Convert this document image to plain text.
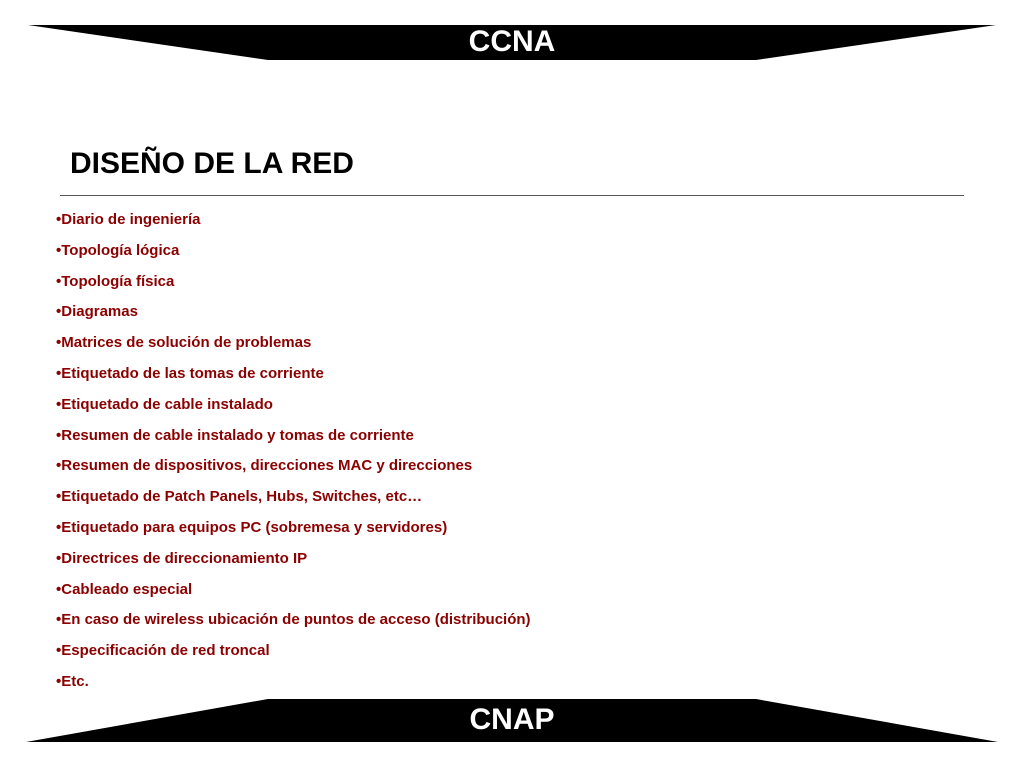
CCNA
DISEÑO DE LA RED
•Diario de ingeniería
•Topología lógica
•Topología física
•Diagramas
•Matrices de solución de problemas
•Etiquetado de las tomas de corriente
•Etiquetado de cable instalado
•Resumen de cable instalado y tomas de corriente
•Resumen de dispositivos, direcciones MAC y direcciones
•Etiquetado de Patch Panels, Hubs, Switches, etc…
•Etiquetado para equipos PC (sobremesa y servidores)
•Directrices de direccionamiento IP
•Cableado especial
•En caso de wireless ubicación de puntos de acceso (distribución)
•Especificación de red troncal
•Etc.
CNAP
